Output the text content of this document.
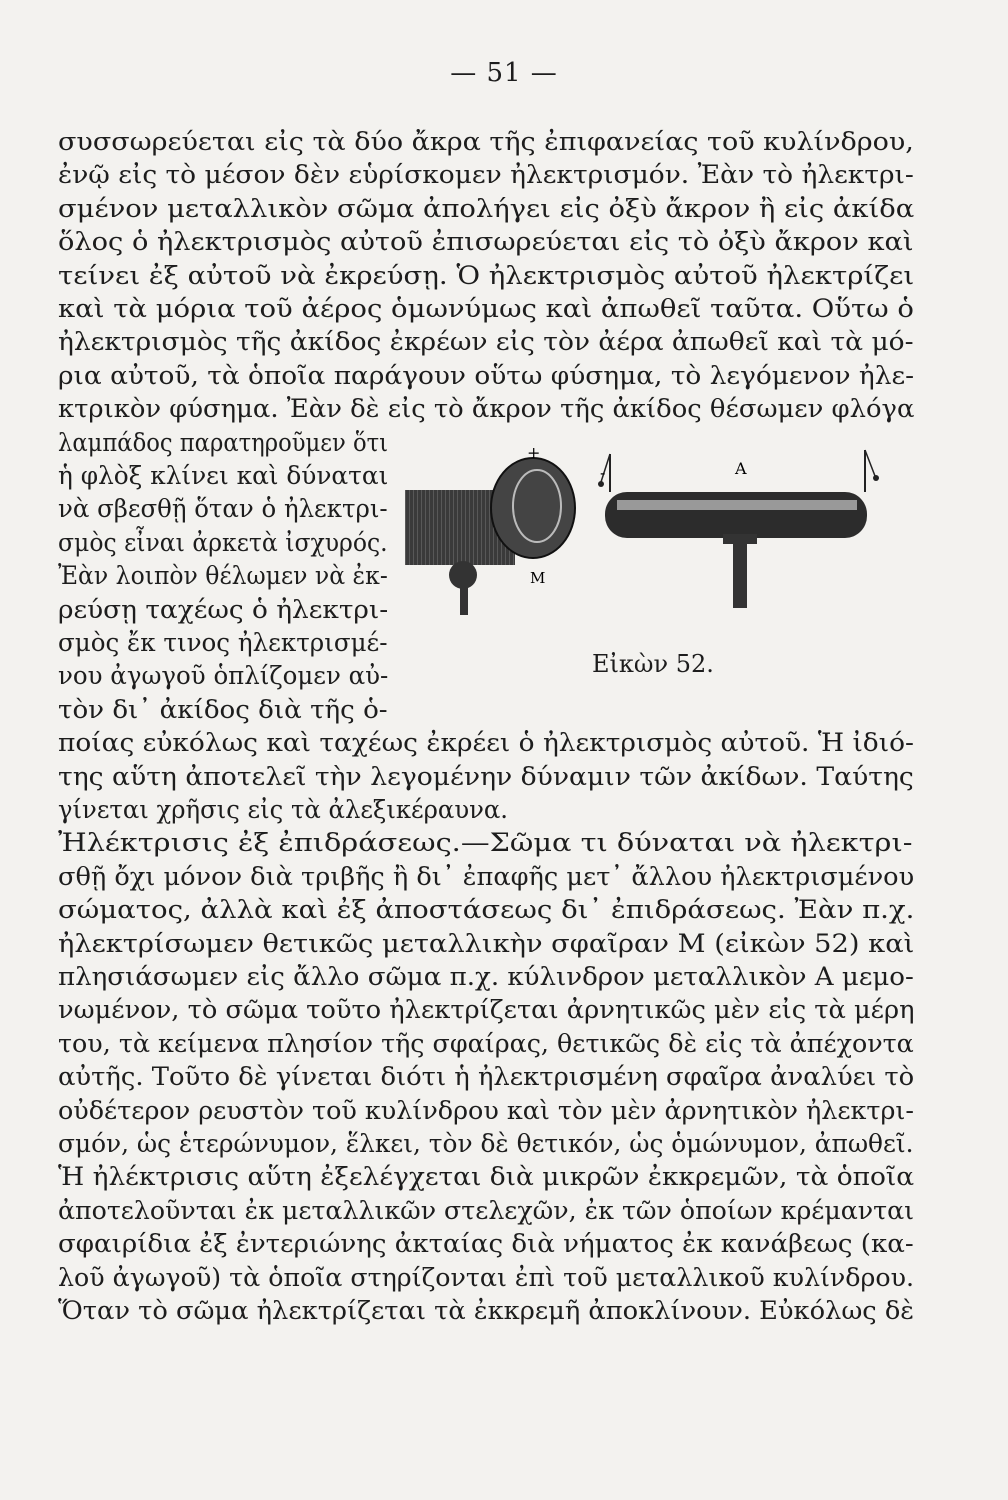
— 51 —
συσσωρεύεται εἰς τὰ δύο ἄκρα τῆς ἐπιφανείας τοῦ κυλίνδρου,
ἐνῷ εἰς τὸ μέσον δὲν εὑρίσκομεν ἠλεκτρισμόν. Ἐὰν τὸ ἠλεκτρι-
σμένον μεταλλικὸν σῶμα ἀπολήγει εἰς ὀξὺ ἄκρον ἢ εἰς ἀκίδα
ὅλος ὁ ἠλεκτρισμὸς αὐτοῦ ἐπισωρεύεται εἰς τὸ ὀξὺ ἄκρον καὶ
τείνει ἐξ αὐτοῦ νὰ ἐκρεύσῃ. Ὁ ἠλεκτρισμὸς αὐτοῦ ἠλεκτρίζει
καὶ τὰ μόρια τοῦ ἀέρος ὁμωνύμως καὶ ἀπωθεῖ ταῦτα. Οὕτω ὁ
ἠλεκτρισμὸς τῆς ἀκίδος ἐκρέων εἰς τὸν ἀέρα ἀπωθεῖ καὶ τὰ μό-
ρια αὐτοῦ, τὰ ὁποῖα παράγουν οὕτω φύσημα, τὸ λεγόμενον ἠλε-
κτρικὸν φύσημα. Ἐὰν δὲ εἰς τὸ ἄκρον τῆς ἀκίδος θέσωμεν φλόγα
λαμπάδος παρατηροῦμεν ὅτι
ἡ φλὸξ κλίνει καὶ δύναται
νὰ σβεσθῇ ὅταν ὁ ἠλεκτρι-
σμὸς εἶναι ἀρκετὰ ἰσχυρός.
Ἐὰν λοιπὸν θέλωμεν νὰ ἐκ-
ρεύσῃ ταχέως ὁ ἠλεκτρι-
σμὸς ἔκ τινος ἠλεκτρισμέ-
νου ἀγωγοῦ ὁπλίζομεν αὐ-
τὸν δι᾽ ἀκίδος διὰ τῆς ὁ-
ποίας εὐκόλως καὶ ταχέως ἐκρέει ὁ ἠλεκτρισμὸς αὐτοῦ. Ἡ ἰδιό-
της αὕτη ἀποτελεῖ τὴν λεγομένην δύναμιν τῶν ἀκίδων. Ταύτης
γίνεται χρῆσις εἰς τὰ ἀλεξικέραυνα.
Ἠλέκτρισις ἐξ ἐπιδράσεως.—Σῶμα τι δύναται νὰ ἠλεκτρι-
σθῇ ὄχι μόνον διὰ τριβῆς ἢ δι᾽ ἐπαφῆς μετ᾽ ἄλλου ἠλεκτρισμένου
σώματος, ἀλλὰ καὶ ἐξ ἀποστάσεως δι᾽ ἐπιδράσεως. Ἐὰν π.χ.
ἠλεκτρίσωμεν θετικῶς μεταλλικὴν σφαῖραν Μ (εἰκὼν 52) καὶ
πλησιάσωμεν εἰς ἄλλο σῶμα π.χ. κύλινδρον μεταλλικὸν Α μεμο-
νωμένον, τὸ σῶμα τοῦτο ἠλεκτρίζεται ἀρνητικῶς μὲν εἰς τὰ μέρη
του, τὰ κείμενα πλησίον τῆς σφαίρας, θετικῶς δὲ εἰς τὰ ἀπέχοντα
αὐτῆς. Τοῦτο δὲ γίνεται διότι ἡ ἠλεκτρισμένη σφαῖρα ἀναλύει τὸ
οὐδέτερον ρευστὸν τοῦ κυλίνδρου καὶ τὸν μὲν ἀρνητικὸν ἠλεκτρι-
σμόν, ὡς ἑτερώνυμον, ἕλκει, τὸν δὲ θετικόν, ὡς ὁμώνυμον, ἀπωθεῖ.
Ἡ ἠλέκτρισις αὕτη ἐξελέγχεται διὰ μικρῶν ἐκκρεμῶν, τὰ ὁποῖα
ἀποτελοῦνται ἐκ μεταλλικῶν στελεχῶν, ἐκ τῶν ὁποίων κρέμανται
σφαιρίδια ἐξ ἐντεριώνης ἀκταίας διὰ νήματος ἐκ κανάβεως (κα-
λοῦ ἀγωγοῦ) τὰ ὁποῖα στηρίζονται ἐπὶ τοῦ μεταλλικοῦ κυλίνδρου.
Ὅταν τὸ σῶμα ἠλεκτρίζεται τὰ ἐκκρεμῆ ἀποκλίνουν. Εὐκόλως δὲ
+
-	Α
Μ
Εἰκὼν 52.
